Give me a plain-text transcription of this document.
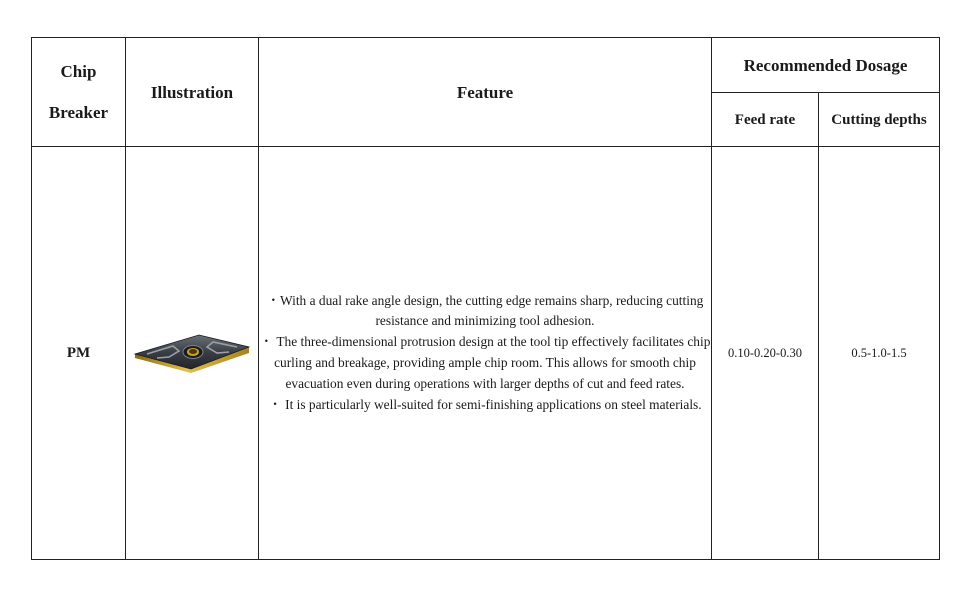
Chip
Breaker	Illustration	Feature	Recommended Dosage	
			Feed rate	Cutting depths
PM		・With a dual rake angle design, the cutting edge remains sharp, reducing cutting resistance and minimizing tool adhesion.

・ The three-dimensional protrusion design at the tool tip effectively facilitates chip curling and breakage, providing ample chip room. This allows for smooth chip evacuation even during operations with larger depths of cut and feed rates.

・ It is particularly well-suited for semi-finishing applications on steel materials.	0.10-0.20-0.30	0.5-1.0-1.5
